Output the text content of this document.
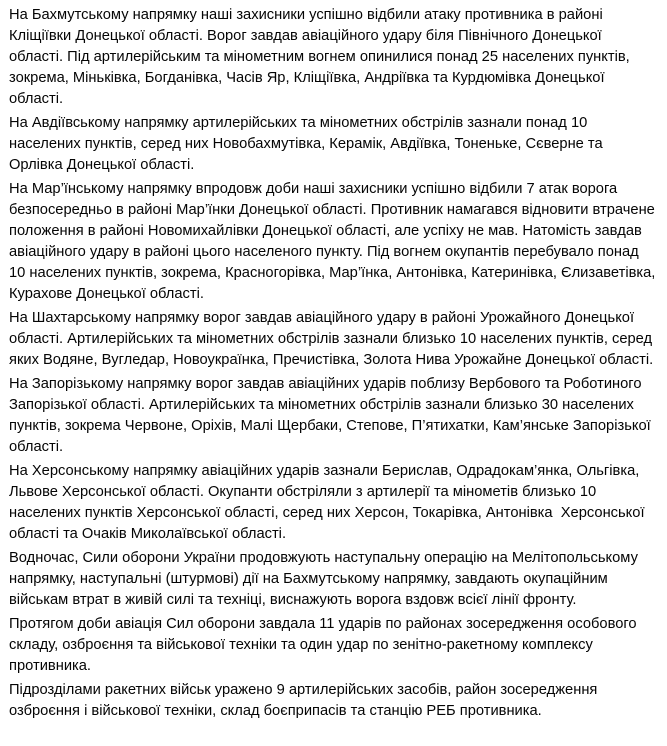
На Бахмутському напрямку наші захисники успішно відбили атаку противника в районі Кліщіївки Донецької області. Ворог завдав авіаційного удару біля Північного Донецької області. Під артилерійським та мінометним вогнем опинилися понад 25 населених пунктів, зокрема, Міньківка, Богданівка, Часів Яр, Кліщіївка, Андріївка та Курдюмівка Донецької області.

На Авдіївському напрямку артилерійських та мінометних обстрілів зазнали понад 10 населених пунктів, серед них Новобахмутівка, Керамік, Авдіївка, Тоненьке, Сєверне та Орлівка Донецької області.

На Мар’їнському напрямку впродовж доби наші захисники успішно відбили 7 атак ворога безпосередньо в районі Мар’їнки Донецької області. Противник намагався відновити втрачене положення в районі Новомихайлівки Донецької області, але успіху не мав. Натомість завдав авіаційного удару в районі цього населеного пункту. Під вогнем окупантів перебувало понад 10 населених пунктів, зокрема, Красногорівка, Мар’їнка, Антонівка, Катеринівка, Єлизаветівка, Курахове Донецької області.

На Шахтарському напрямку ворог завдав авіаційного удару в районі Урожайного Донецької області. Артилерійських та мінометних обстрілів зазнали близько 10 населених пунктів, серед яких Водяне, Вугледар, Новоукраїнка, Пречистівка, Золота Нива Урожайне Донецької області.

На Запорізькому напрямку ворог завдав авіаційних ударів поблизу Вербового та Роботиного Запорізької області. Артилерійських та мінометних обстрілів зазнали близько 30 населених пунктів, зокрема Червоне, Оріхів, Малі Щербаки, Степове, П’ятихатки, Кам’янське Запорізької області.

На Херсонському напрямку авіаційних ударів зазнали Берислав, Одрадокам’янка, Ольгівка, Львове Херсонської області. Окупанти обстріляли з артилерії та мінометів близько 10 населених пунктів Херсонської області, серед них Херсон, Токарівка, Антонівка  Херсонської області та Очаків Миколаївської області.

Водночас, Сили оборони України продовжують наступальну операцію на Мелітопольському напрямку, наступальні (штурмові) дії на Бахмутському напрямку, завдають окупаційним військам втрат в живій силі та техніці, виснажують ворога вздовж всієї лінії фронту.

Протягом доби авіація Сил оборони завдала 11 ударів по районах зосередження особового складу, озброєння та військової техніки та один удар по зенітно-ракетному комплексу противника.

Підрозділами ракетних військ уражено 9 артилерійських засобів, район зосередження озброєння і військової техніки, склад боєприпасів та станцію РЕБ противника.
